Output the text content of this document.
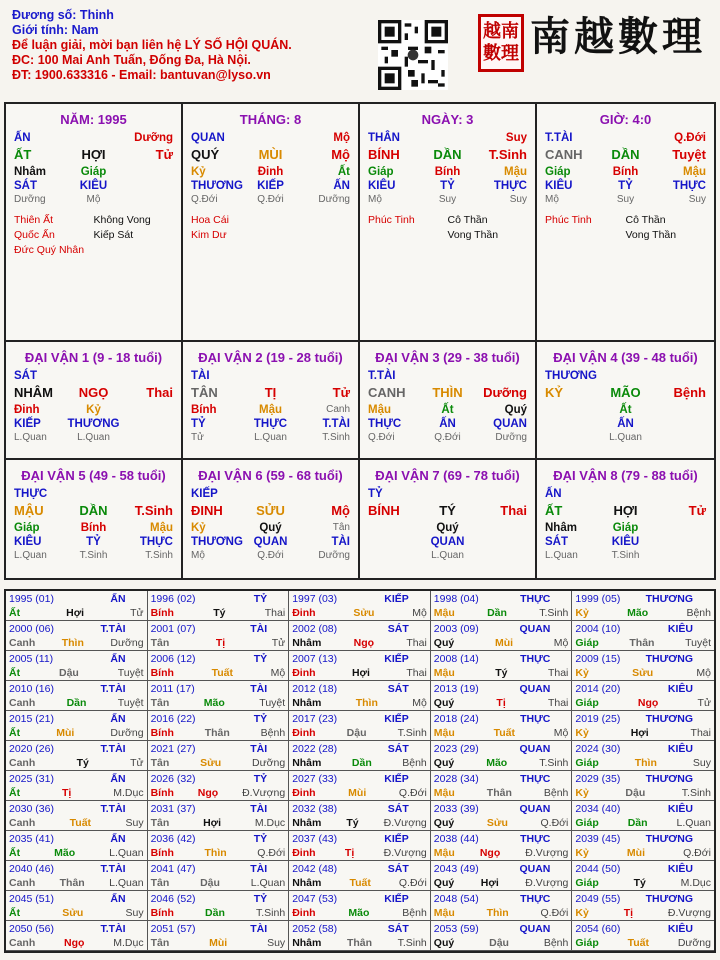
Đương số: Thinh
Giới tính: Nam
Để luận giải, mời bạn liên hệ LÝ SỐ HỘI QUÁN.
ĐC: 100 Mai Anh Tuấn, Đống Đa, Hà Nội.
ĐT: 1900.633316 - Email: bantuvan@lyso.vn
越南
數理 南越數理
NĂM: 1995
ẤN	Dưỡng
ẤT	HỢI	Tử
Nhâm	Giáp
SÁT	KIÊU
Dưỡng	Mộ
Thiên Ất
Quốc Ấn
Đức Quý Nhân
Không Vong
Kiếp Sát
THÁNG: 8
QUAN	Mộ
QUÝ	MÙI	Mộ
Kỷ	Đinh	Ất
THƯƠNG	KIẾP	ẤN
Q.Đới	Q.Đới	Dưỡng
Hoa Cái
Kim Dư
NGÀY: 3
THÂN	Suy
BÍNH	DẦN	T.Sinh
Giáp	Bính	Mậu
KIÊU	TỶ	THỰC
Mộ	Suy	Suy
Phúc Tinh	Cô Thần
Vong Thần
GIỜ: 4:0
T.TÀI	Q.Đới
CANH	DẦN	Tuyệt
Giáp	Bính	Mậu
KIÊU	TỶ	THỰC
Mộ	Suy	Suy
Phúc Tinh	Cô Thần
Vong Thần
ĐẠI VẬN 1 (9 - 18 tuổi)
SÁT
NHÂM	NGỌ	Thai
Đinh	Kỷ
KIẾP	THƯƠNG
L.Quan	L.Quan
ĐẠI VẬN 2 (19 - 28 tuổi)
TÀI
TÂN	TỊ	Tử
Bính	Mậu	Canh
TỶ	THỰC	T.TÀI
Tử	L.Quan	T.Sinh
ĐẠI VẬN 3 (29 - 38 tuổi)
T.TÀI
CANH	THÌN	Dưỡng
Mậu	Ất	Quý
THỰC	ẤN	QUAN
Q.Đới	Q.Đới	Dưỡng
ĐẠI VẬN 4 (39 - 48 tuổi)
THƯƠNG
KỶ	MÃO	Bệnh
Ất
ẤN
L.Quan
ĐẠI VẬN 5 (49 - 58 tuổi)
THỰC
MẬU	DẦN	T.Sinh
Giáp	Bính	Mậu
KIÊU	TỶ	THỰC
L.Quan	T.Sinh	T.Sinh
ĐẠI VẬN 6 (59 - 68 tuổi)
KIẾP
ĐINH	SỬU	Mộ
Kỷ	Quý	Tân
THƯƠNG QUAN	TÀI
Mộ	Q.Đới	Dưỡng
ĐẠI VẬN 7 (69 - 78 tuổi)
TỶ
BÍNH	TÝ	Thai
Quý
QUAN
L.Quan
ĐẠI VẬN 8 (79 - 88 tuổi)
ẤN
ẤT	HỢI	Tử
Nhâm	Giáp
SÁT	KIÊU
L.Quan	T.Sinh
1995 (01)	ẤN
Ất	Hợi	Tử
1996 (02)	TỶ
Bính	Tý	Thai
1997 (03)	KIẾP
Đinh	Sửu	Mộ
1998 (04)	THỰC
Mậu	Dần	T.Sinh
1999 (05) THƯƠNG
Kỷ	Mão	Bệnh
2000 (06)	T.TÀI
Canh	Thìn	Dưỡng
2001 (07)	TÀI
Tân	Tị	Tử
2002 (08)	SÁT
Nhâm	Ngọ	Thai
2003 (09)	QUAN
Quý	Mùi	Mộ
2004 (10)	KIÊU
Giáp	Thân	Tuyệt
2005 (11)	ẤN
Ất	Dậu	Tuyệt
2006 (12)	TỶ
Bính	Tuất	Mộ
2007 (13)	KIẾP
Đinh	Hợi	Thai
2008 (14)	THỰC
Mậu	Tý	Thai
2009 (15) THƯƠNG
Kỷ	Sửu	Mộ
2010 (16)	T.TÀI
Canh	Dần	Tuyệt
2011 (17)	TÀI
Tân	Mão	Tuyệt
2012 (18)	SÁT
Nhâm	Thìn	Mộ
2013 (19)	QUAN
Quý	Tị	Thai
2014 (20)	KIÊU
Giáp	Ngọ	Tử
2015 (21)	ẤN
Ất	Mùi	Dưỡng
2016 (22)	TỶ
Bính	Thân	Bệnh
2017 (23)	KIẾP
Đinh	Dậu	T.Sinh
2018 (24)	THỰC
Mậu	Tuất	Mộ
2019 (25) THƯƠNG
Kỷ	Hợi	Thai
2020 (26)	T.TÀI
Canh	Tý	Tử
2021 (27)	TÀI
Tân	Sửu	Dưỡng
2022 (28)	SÁT
Nhâm	Dần	Bệnh
2023 (29)	QUAN
Quý	Mão	T.Sinh
2024 (30)	KIÊU
Giáp	Thìn	Suy
2025 (31)	ẤN
Ất	Tị	M.Dục
2026 (32)	TỶ
Bính Ngọ Đ.Vượng
2027 (33)	KIẾP
Đinh	Mùi	Q.Đới
2028 (34)	THỰC
Mậu	Thân	Bệnh
2029 (35) THƯƠNG
Kỷ	Dậu	T.Sinh
2030 (36)	T.TÀI
Canh	Tuất	Suy
2031 (37)	TÀI
Tân	Hợi	M.Dục
2032 (38)	SÁT
Nhâm Tý Đ.Vượng
2033 (39)	QUAN
Quý	Sửu	Q.Đới
2034 (40)	KIÊU
Giáp	Dần	L.Quan
2035 (41)	ẤN
Ất	Mão	L.Quan
2036 (42)	TỶ
Bính	Thìn	Q.Đới
2037 (43)	KIẾP
Đinh	Tị	Đ.Vượng
2038 (44)	THỰC
Mậu Ngọ Đ.Vượng
2039 (45) THƯƠNG
Kỷ	Mùi	Q.Đới
2040 (46)	T.TÀI
Canh Thân L.Quan
2041 (47)	TÀI
Tân	Dậu	L.Quan
2042 (48)	SÁT
Nhâm	Tuất	Q.Đới
2043 (49)	QUAN
Quý	Hợi	Đ.Vượng
2044 (50)	KIÊU
Giáp	Tý	M.Dục
2045 (51)	ẤN
Ất	Sửu	Suy
2046 (52)	TỶ
Bính	Dần	T.Sinh
2047 (53)	KIẾP
Đinh	Mão	Bệnh
2048 (54)	THỰC
Mậu	Thìn	Q.Đới
2049 (55) THƯƠNG
Kỷ	Tị	Đ.Vượng
2050 (56)	T.TÀI
Canh	Ngọ	M.Dục
2051 (57)	TÀI
Tân	Mùi	Suy
2052 (58)	SÁT
Nhâm Thân T.Sinh
2053 (59)	QUAN
Quý	Dậu	Bệnh
2054 (60)	KIÊU
Giáp	Tuất	Dưỡng
